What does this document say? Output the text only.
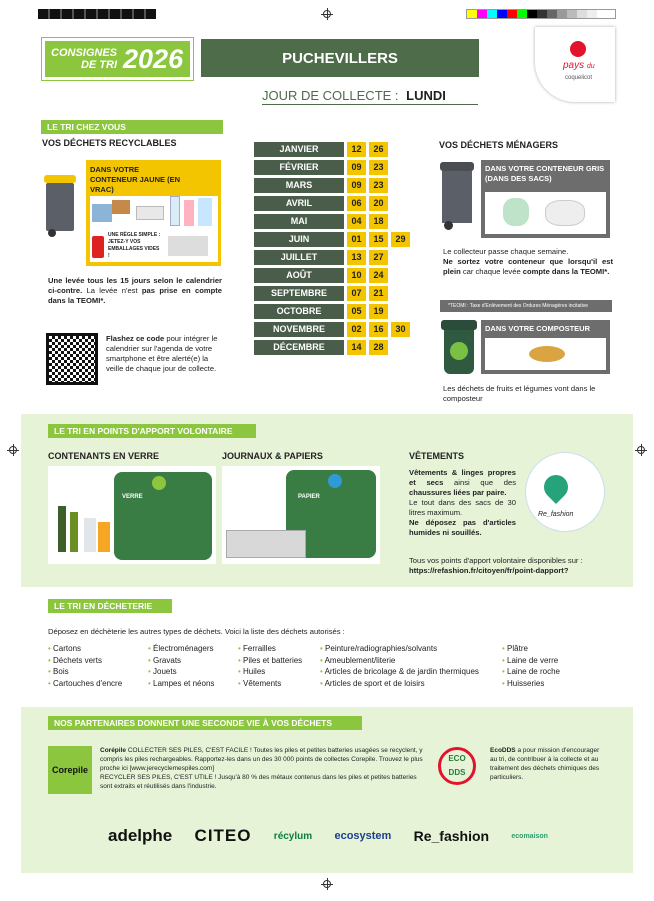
CONSIGNES
DE TRI 2026	PUCHEVILLERS
JOUR DE COLLECTE : LUNDI
pays du
coquelicot
LE TRI CHEZ VOUS
VOS DÉCHETS RECYCLABLES
DANS VOTRE CONTENEUR JAUNE (EN VRAC)
UNE RÈGLE SIMPLE : JETEZ-Y VOS EMBALLAGES VIDES !
Une levée tous les 15 jours selon le calendrier ci-contre. La levée n'est pas prise en compte dans la TEOMI*.
Flashez ce code pour intégrer le calendrier sur l'agenda de votre smartphone et être alerté(e) la veille de chaque jour de collecte.
JANVIER	12	26
FÉVRIER	09	23
MARS	09	23
AVRIL	06	20
MAI	04	18
JUIN	01	15	29
JUILLET	13	27
AOÛT	10	24
SEPTEMBRE	07	21
OCTOBRE	05	19
NOVEMBRE	02	16	30
DÉCEMBRE	14	28
VOS DÉCHETS MÉNAGERS
DANS VOTRE CONTENEUR GRIS (DANS DES SACS)
Le collecteur passe chaque semaine.
Ne sortez votre conteneur que lorsqu'il est plein car chaque levée compte dans la TEOMI*.
*TEOMI : Taxe d'Enlèvement des Ordures Ménagères incitative
DANS VOTRE COMPOSTEUR
Les déchets de fruits et légumes vont dans le composteur
LE TRI EN POINTS D'APPORT VOLONTAIRE
CONTENANTS EN VERRE
VERRE
JOURNAUX & PAPIERS
PAPIER
VÊTEMENTS
Vêtements & linges propres et secs ainsi que des chaussures liées par paire.
Le tout dans des sacs de 30 litres maximum.
Ne déposez pas d'articles humides ni souillés.
Tous vos points d'apport volontaire disponibles sur :
https://refashion.fr/citoyen/fr/point-dapport?
Re_fashion
LE TRI EN DÉCHETERIE
Déposez en déchèterie les autres types de déchets. Voici la liste des déchets autorisés :
• Cartons
• Déchets verts
• Bois
• Cartouches d'encre
• Électroménagers
• Gravats
• Jouets
• Lampes et néons
• Ferrailles
• Piles et batteries
• Huiles
• Vêtements
• Peinture/radiographies/solvants
• Ameublement/literie
• Articles de bricolage & de jardin thermiques
• Articles de sport et de loisirs
• Plâtre
• Laine de verre
• Laine de roche
• Huisseries
NOS PARTENAIRES DONNENT UNE SECONDE VIE À VOS DÉCHETS
Corepile
Corépile COLLECTER SES PILES, C'EST FACILE ! Toutes les piles et petites batteries usagées se recyclent, y compris les piles rechargeables. Rapportez-les dans un des 30 000 points de collectes Corepile. Trouvez le plus proche ici [www.jerecyclemespiles.com]
RECYCLER SES PILES, C'EST UTILE ! Jusqu'à 80 % des métaux contenus dans les piles et petites batteries sont extraits et réutilisés dans l'industrie.
ECO
DDS
EcoDDS a pour mission d'encourager au tri, de contribuer à la collecte et au traitement des déchets chimiques des particuliers.
adelphe CITEO récylum ecosystem Re_fashion	ecomaison
